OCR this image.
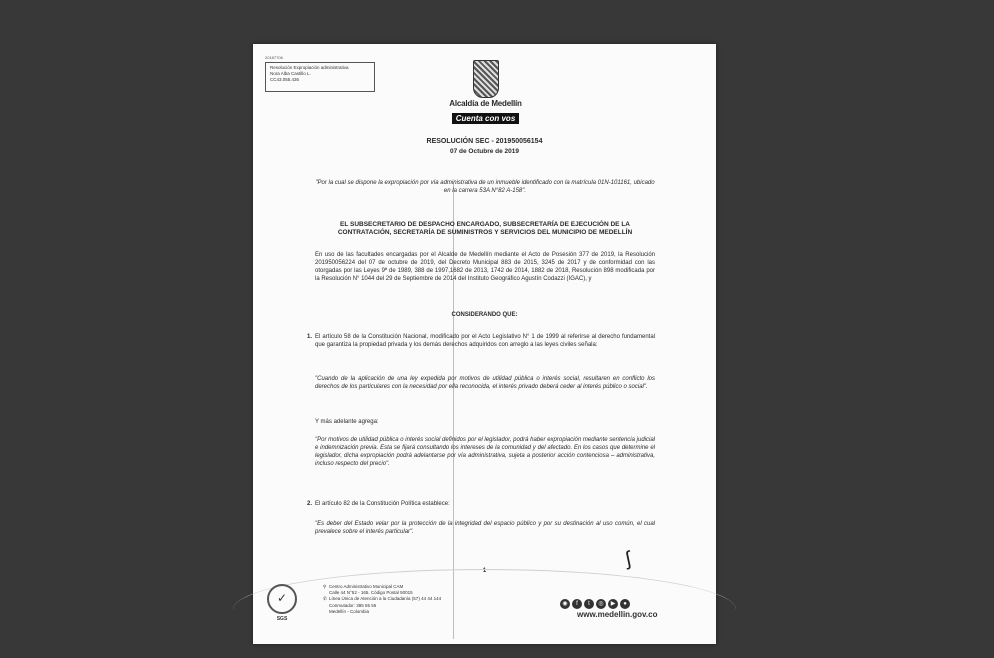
20187706
Resolución Expropiación administrativa
Nora Alba Castillo L.
CC43.055.436
Alcaldía de Medellín
Cuenta con vos
RESOLUCIÓN SEC - 201950056154
07 de Octubre de 2019
"Por la cual se dispone la expropiación por vía administrativa de un inmueble identificado con la matrícula 01N-101161, ubicado en la carrera 53A N°82 A-158".
EL SUBSECRETARIO DE DESPACHO ENCARGADO, SUBSECRETARÍA DE EJECUCIÓN DE LA CONTRATACIÓN, SECRETARÍA DE SUMINISTROS Y SERVICIOS DEL MUNICIPIO DE MEDELLÍN
En uso de las facultades encargadas por el Alcalde de Medellín mediante el Acto de Posesión 377 de 2019, la Resolución 201950056224 del 07 de octubre de 2019, del Decreto Municipal 883 de 2015, 3245 de 2017 y de conformidad con las otorgadas por las Leyes 9ª de 1989, 388 de 1997,1682 de 2013, 1742 de 2014, 1882 de 2018, Resolución 898 modificada por la Resolución N° 1044 del 29 de Septiembre de 2014 del Instituto Geográfico Agustín Codazzi (IGAC), y
CONSIDERANDO QUE:
1. El artículo 58 de la Constitución Nacional, modificado por el Acto Legislativo N° 1 de 1999 al referirse al derecho fundamental que garantiza la propiedad privada y los demás derechos adquiridos con arreglo a las leyes civiles señala:
"Cuando de la aplicación de una ley expedida por motivos de utilidad pública o interés social, resultaren en conflicto los derechos de los particulares con la necesidad por ella reconocida, el interés privado deberá ceder al interés público o social".
Y más adelante agrega:
"Por motivos de utilidad pública o interés social definidos por el legislador, podrá haber expropiación mediante sentencia judicial e indemnización previa. Esta se fijará consultando los intereses de la comunidad y del afectado. En los casos que determine el legislador, dicha expropiación podrá adelantarse por vía administrativa, sujeta a posterior acción contenciosa – administrativa, incluso respecto del precio".
2. El artículo 82 de la Constitución Política establece:
"Es deber del Estado velar por la protección de la integridad del espacio público y por su destinación al uso común, el cual prevalece sobre el interés particular".
ʃ
1
✓
SGS
⚲ Centro Administrativo Municipal CAM
Calle 44 N°52 - 165. Código Postal 50015
✆ Línea Única de Atención a la Ciudadanía (57) 44 44 144
Conmutador: 385 55 55
Medellín - Colombia
◉ f t ◎ ▶ ●
www.medellin.gov.co
